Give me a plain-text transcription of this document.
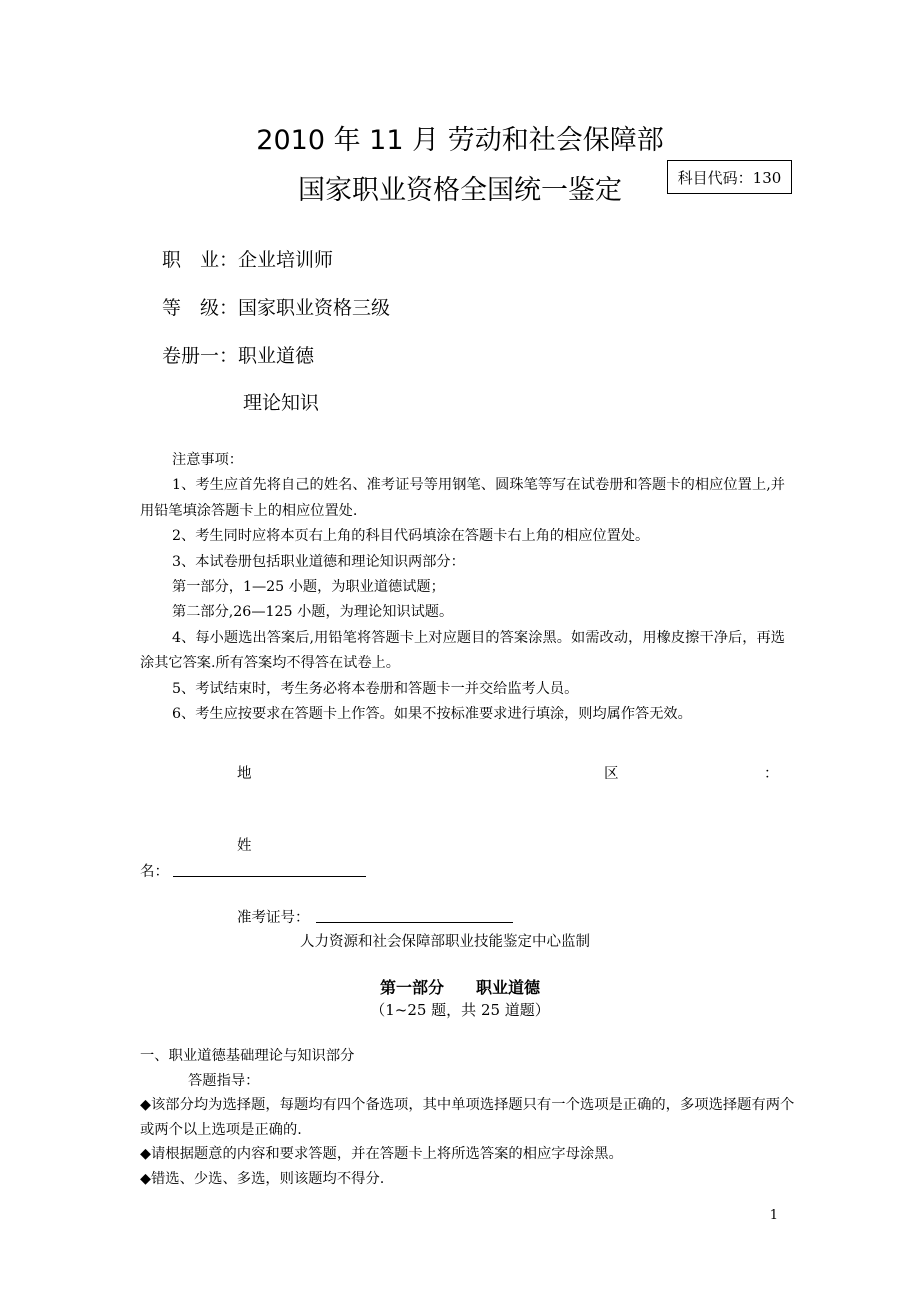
2010 年 11 月 劳动和社会保障部
国家职业资格全国统一鉴定	科目代码：130
职　业：企业培训师
等　级：国家职业资格三级
卷册一：职业道德
理论知识

注意事项：

1、考生应首先将自己的姓名、准考证号等用钢笔、圆珠笔等写在试卷册和答题卡的相应位置上,并用铅笔填涂答题卡上的相应位置处.

2、考生同时应将本页右上角的科目代码填涂在答题卡右上角的相应位置处。

3、本试卷册包括职业道德和理论知识两部分：

第一部分，1—25 小题，为职业道德试题；

第二部分,26—125 小题，为理论知识试题。

4、每小题选出答案后,用铅笔将答题卡上对应题目的答案涂黑。如需改动，用橡皮擦干净后，再选涂其它答案.所有答案均不得答在试卷上。

5、考试结束时，考生务必将本卷册和答题卡一并交给监考人员。

6、考生应按要求在答题卡上作答。如果不按标准要求进行填涂，则均属作答无效。

地	区	：
姓
名：
准考证号：
人力资源和社会保障部职业技能鉴定中心监制
第一部分　　职业道德
（1~25 题，共 25 道题）

一、职业道德基础理论与知识部分

答题指导：

◆该部分均为选择题，每题均有四个备选项，其中单项选择题只有一个选项是正确的，多项选择题有两个或两个以上选项是正确的.

◆请根据题意的内容和要求答题，并在答题卡上将所选答案的相应字母涂黑。

◆错选、少选、多选，则该题均不得分.

1
